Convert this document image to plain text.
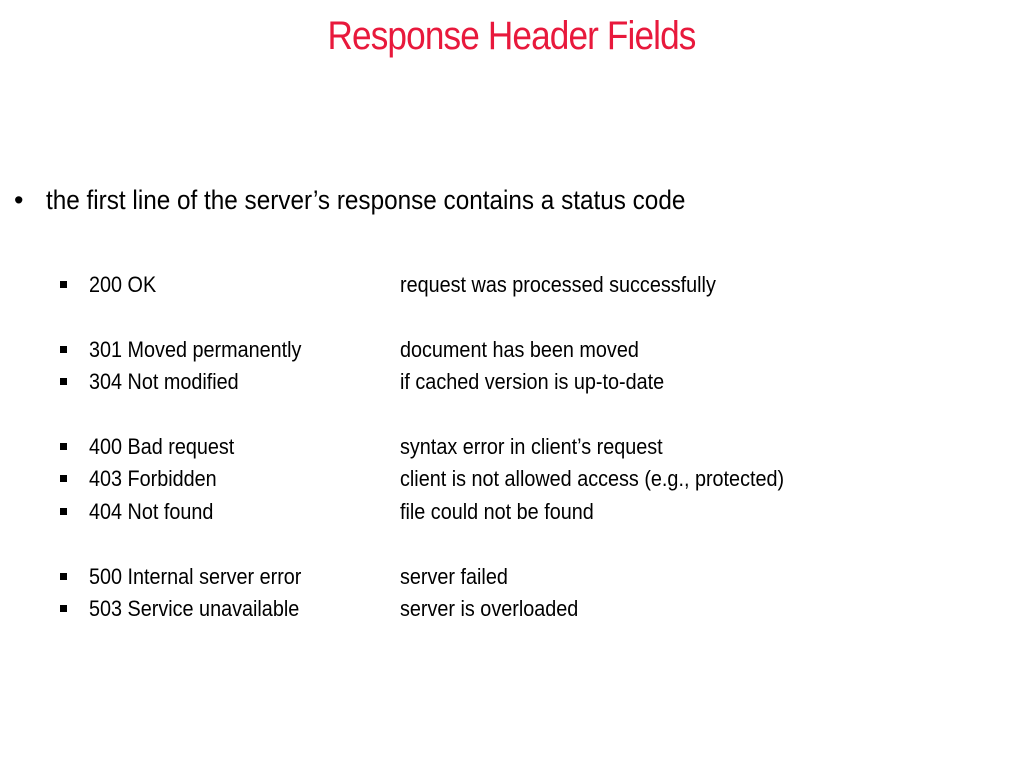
Response Header Fields
• the first line of the server’s response contains a status code
200 OK	request was processed successfully
301 Moved permanently	document has been moved
304 Not modified	if cached version is up-to-date
400 Bad request	syntax error in client’s request
403 Forbidden	client is not allowed access (e.g., protected)
404 Not found	file could not be found
500 Internal server error	server failed
503 Service unavailable	server is overloaded
